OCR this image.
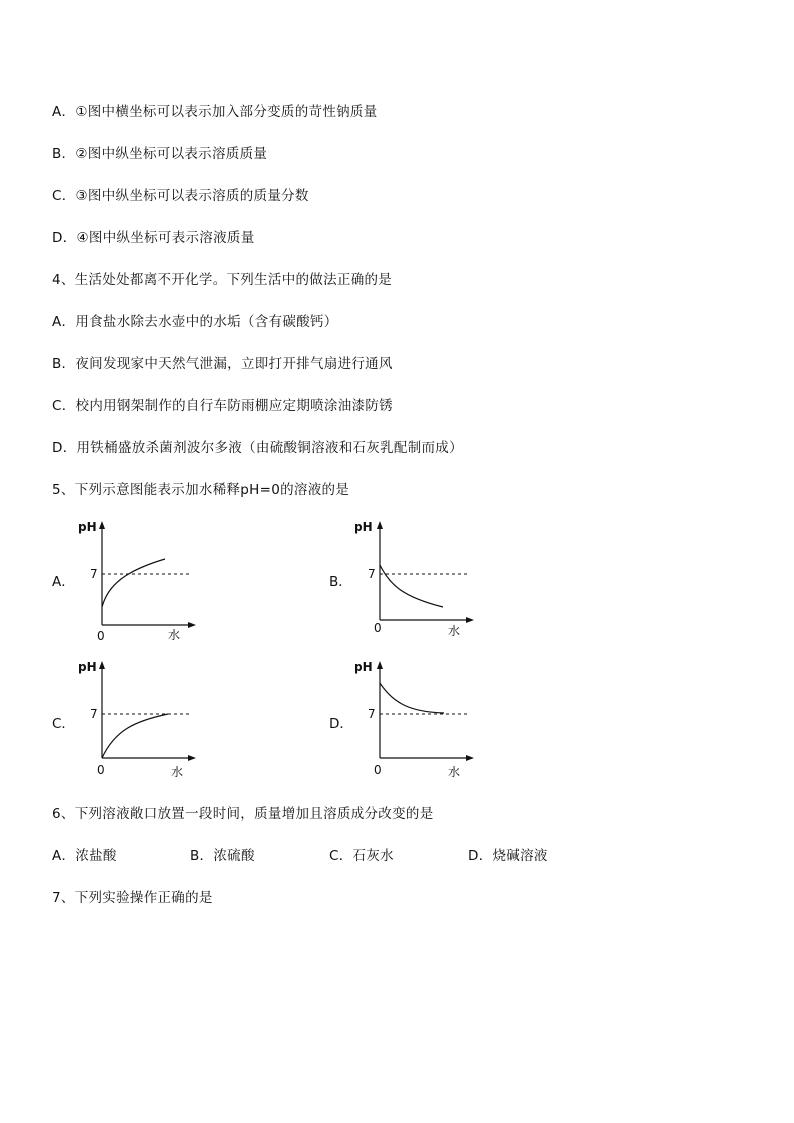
A．①图中横坐标可以表示加入部分变质的苛性钠质量
B．②图中纵坐标可以表示溶质质量
C．③图中纵坐标可以表示溶质的质量分数
D．④图中纵坐标可表示溶液质量
4、生活处处都离不开化学。下列生活中的做法正确的是
A．用食盐水除去水壶中的水垢（含有碳酸钙）
B．夜间发现家中天然气泄漏，立即打开排气扇进行通风
C．校内用钢架制作的自行车防雨棚应定期喷涂油漆防锈
D．用铁桶盛放杀菌剂波尔多液（由硫酸铜溶液和石灰乳配制而成）
5、下列示意图能表示加水稀释pH=0的溶液的是
A．
pH
7
0	水
B．
pH
7
0	水
C．
pH
7
0	水
D．
pH
7
0	水
6、下列溶液敞口放置一段时间，质量增加且溶质成分改变的是
A．浓盐酸	B．浓硫酸	C．石灰水	D．烧碱溶液
7、下列实验操作正确的是
